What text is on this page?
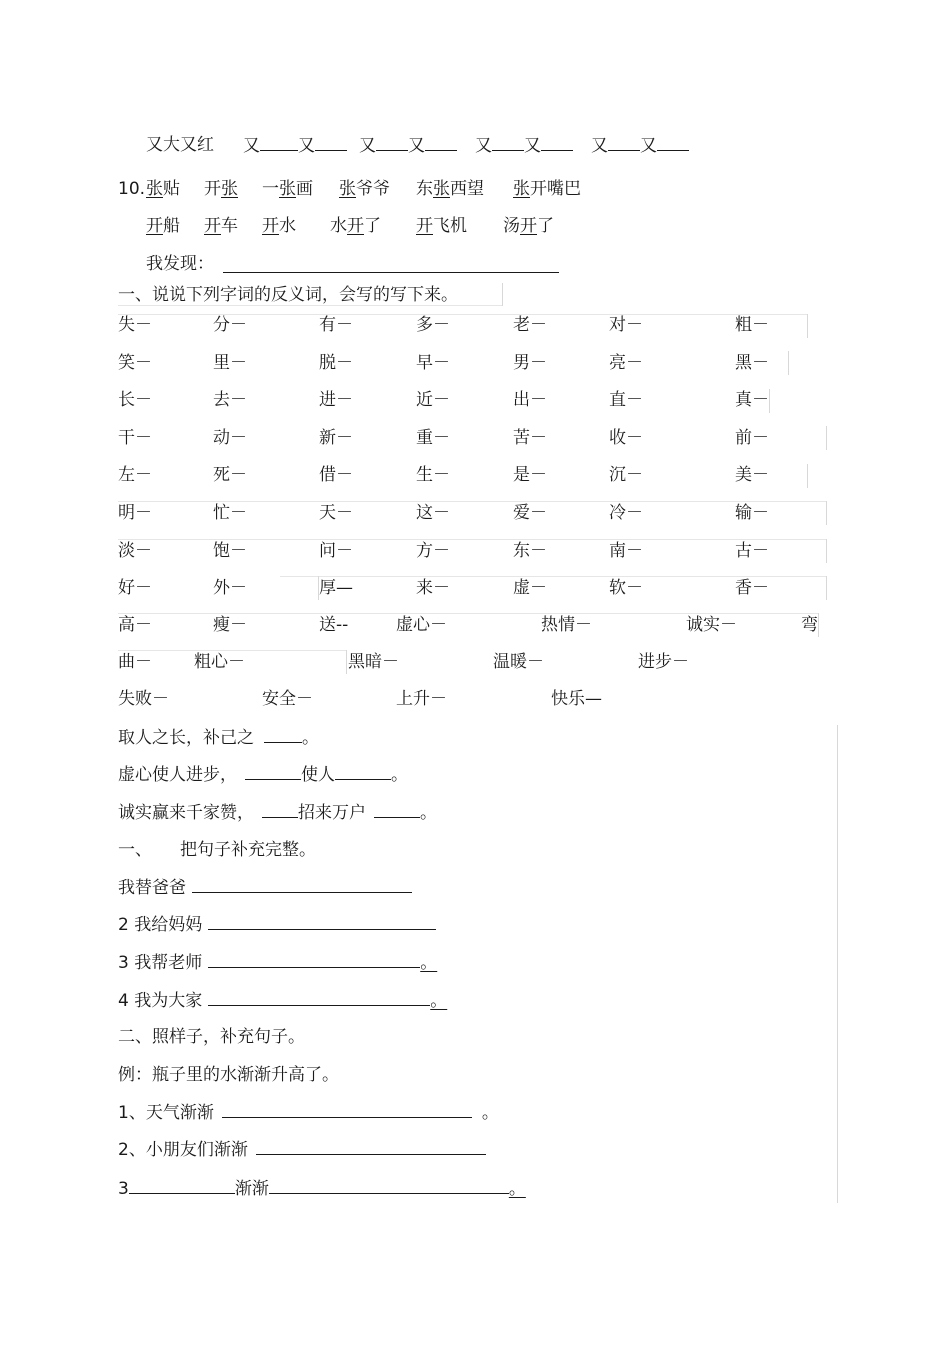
又大又红 又 又	又 又	又 又	又 又
10. 张贴 开张 一张画 张爷爷 东张西望 张开嘴巴
开船 开车 开水 水开了 开飞机 汤开了
我发现：
一、说说下列字词的反义词，会写的写下来。
失－	分－	有－	多－	老－	对－	粗－
笑－	里－	脱－	早－	男－	亮－	黑－
长－	去－	进－	近－	出－	直－	真－
干－	动－	新－	重－	苦－	收－	前－
左－	死－	借－	生－	是－	沉－	美－
明－	忙－	天－	这－	爱－	冷－	输－
淡－	饱－	问－	方－	东－	南－	古－
好－	外－	厚—	来－	虚－	软－	香－
高－	瘦－	送--	虚心－	热情－	诚实－	弯
曲－ 粗心－	黑暗－	温暖－	进步－
失败－	安全－	上升－	快乐—
取人之长，补己之	。
虚心使人进步，	使人	。
诚实赢来千家赞，	招来万户	。
一、 把句子补充完整。
我替爸爸
2 我给妈妈
3 我帮老师	。
4 我为大家	。
二、照样子，补充句子。
例：瓶子里的水渐渐升高了。
1、天气渐渐	。
2、小朋友们渐渐
3	渐渐	。
